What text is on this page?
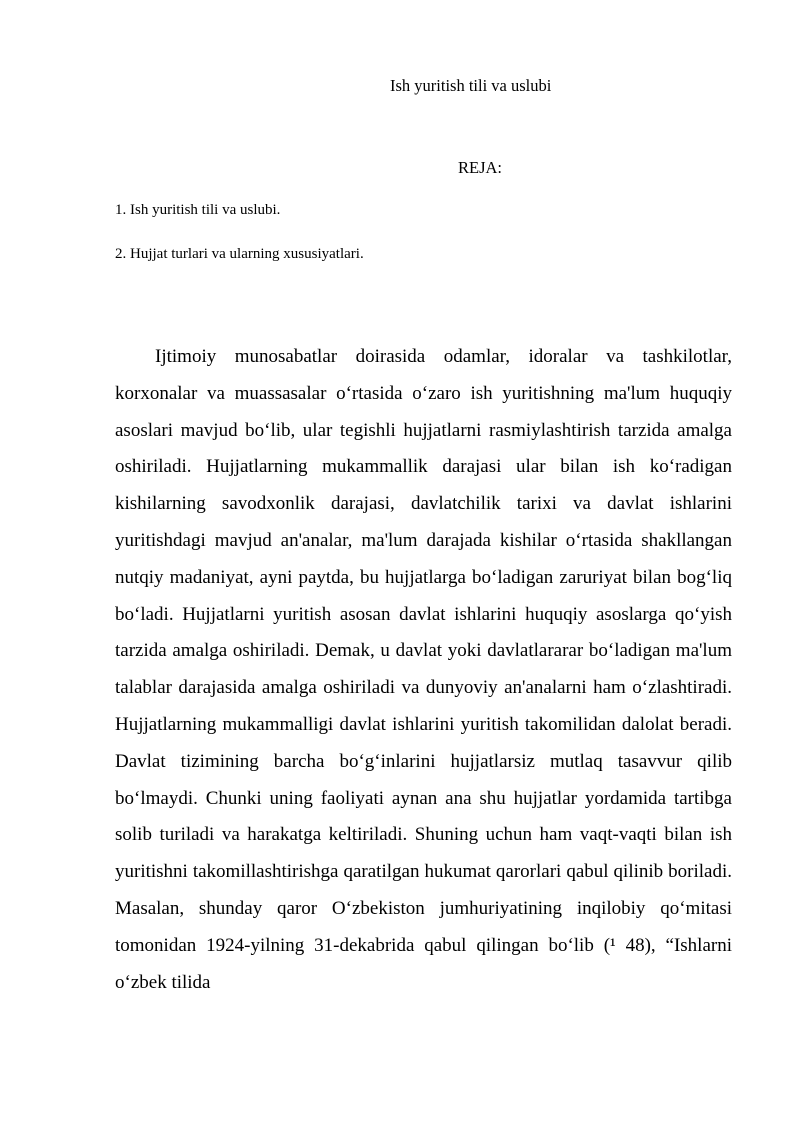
Ish yuritish tili va uslubi
REJA:
1. Ish yuritish tili va uslubi.
2. Hujjat turlari va ularning xususiyatlari.

Ijtimoiy munosabatlar doirasida odamlar, idoralar va tashkilotlar, korxonalar va muassasalar oʻrtasida oʻzaro ish yuritishning ma'lum huquqiy asoslari mavjud boʻlib, ular tegishli hujjatlarni rasmiylashtirish tarzida amalga oshiriladi. Hujjatlarning mukammallik darajasi ular bilan ish koʻradigan kishilarning savodxonlik darajasi, davlatchilik tarixi va davlat ishlarini yuritishdagi mavjud an'analar, ma'lum darajada kishilar oʻrtasida shakllangan nutqiy madaniyat, ayni paytda, bu hujjatlarga boʻladigan zaruriyat bilan bogʻliq boʻladi. Hujjatlarni yuritish asosan davlat ishlarini huquqiy asoslarga qoʻyish tarzida amalga oshiriladi. Demak, u davlat yoki davlatlararar boʻladigan ma'lum talablar darajasida amalga oshiriladi va dunyoviy an'analarni ham oʻzlashtiradi. Hujjatlarning mukammalligi davlat ishlarini yuritish takomilidan dalolat beradi. Davlat tizimining barcha boʻgʻinlarini hujjatlarsiz mutlaq tasavvur qilib boʻlmaydi. Chunki uning faoliyati aynan ana shu hujjatlar yordamida tartibga solib turiladi va harakatga keltiriladi. Shuning uchun ham vaqt-vaqti bilan ish yuritishni takomillashtirishga qaratilgan hukumat qarorlari qabul qilinib boriladi. Masalan, shunday qaror Oʻzbekiston jumhuriyatining inqilobiy qoʻmitasi tomonidan 1924-yilning 31-dekabrida qabul qilingan boʻlib (¹ 48), “Ishlarni oʻzbek tilida
